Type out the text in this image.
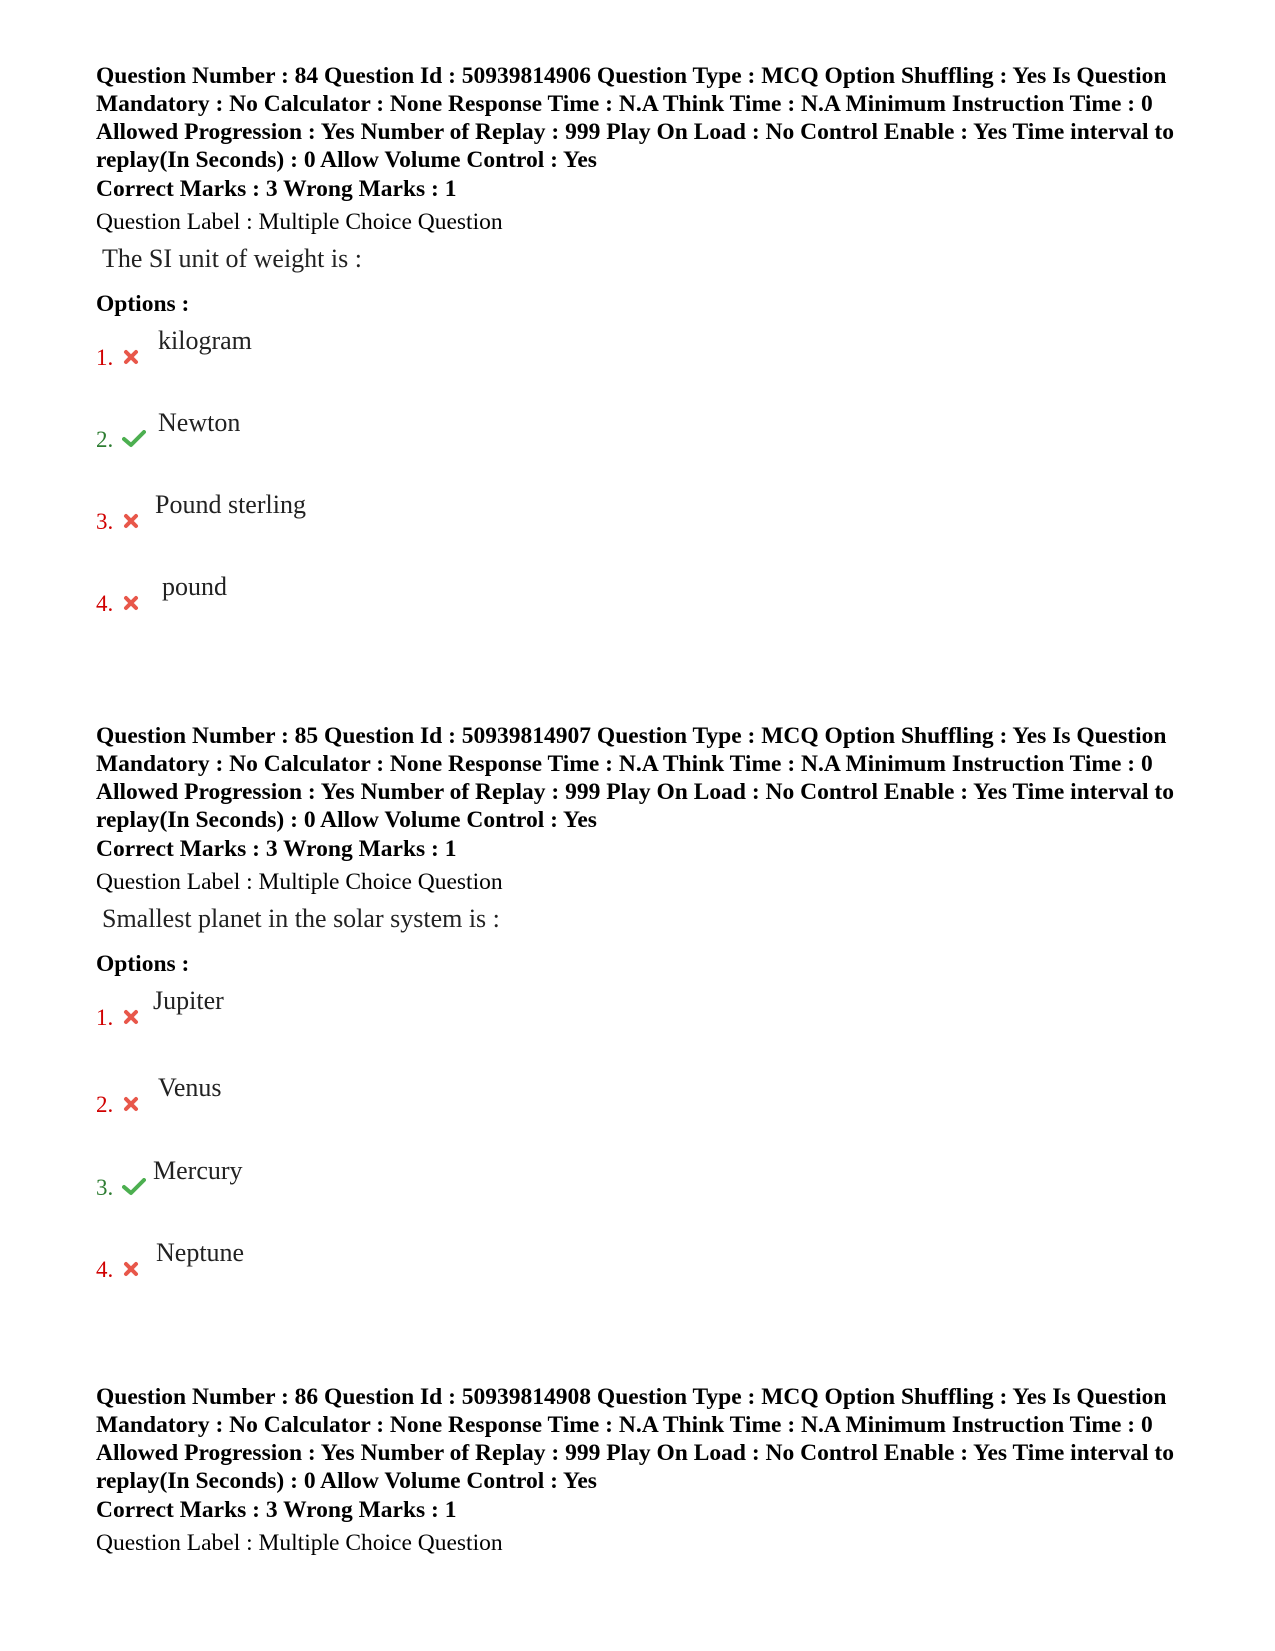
Question Number : 84 Question Id : 50939814906 Question Type : MCQ Option Shuffling : Yes Is Question Mandatory : No Calculator : None Response Time : N.A Think Time : N.A Minimum Instruction Time : 0 Allowed Progression : Yes Number of Replay : 999 Play On Load : No Control Enable : Yes Time interval to replay(In Seconds) : 0 Allow Volume Control : Yes

Correct Marks : 3 Wrong Marks : 1
Question Label : Multiple Choice Question
The SI unit of weight is :
Options :
1.
kilogram
2.
Newton
3.
Pound sterling
4.
pound

Question Number : 85 Question Id : 50939814907 Question Type : MCQ Option Shuffling : Yes Is Question Mandatory : No Calculator : None Response Time : N.A Think Time : N.A Minimum Instruction Time : 0 Allowed Progression : Yes Number of Replay : 999 Play On Load : No Control Enable : Yes Time interval to replay(In Seconds) : 0 Allow Volume Control : Yes

Correct Marks : 3 Wrong Marks : 1
Question Label : Multiple Choice Question
Smallest planet in the solar system is :
Options :
1.
Jupiter
2.
Venus
3.
Mercury
4.
Neptune

Question Number : 86 Question Id : 50939814908 Question Type : MCQ Option Shuffling : Yes Is Question Mandatory : No Calculator : None Response Time : N.A Think Time : N.A Minimum Instruction Time : 0 Allowed Progression : Yes Number of Replay : 999 Play On Load : No Control Enable : Yes Time interval to replay(In Seconds) : 0 Allow Volume Control : Yes

Correct Marks : 3 Wrong Marks : 1
Question Label : Multiple Choice Question
